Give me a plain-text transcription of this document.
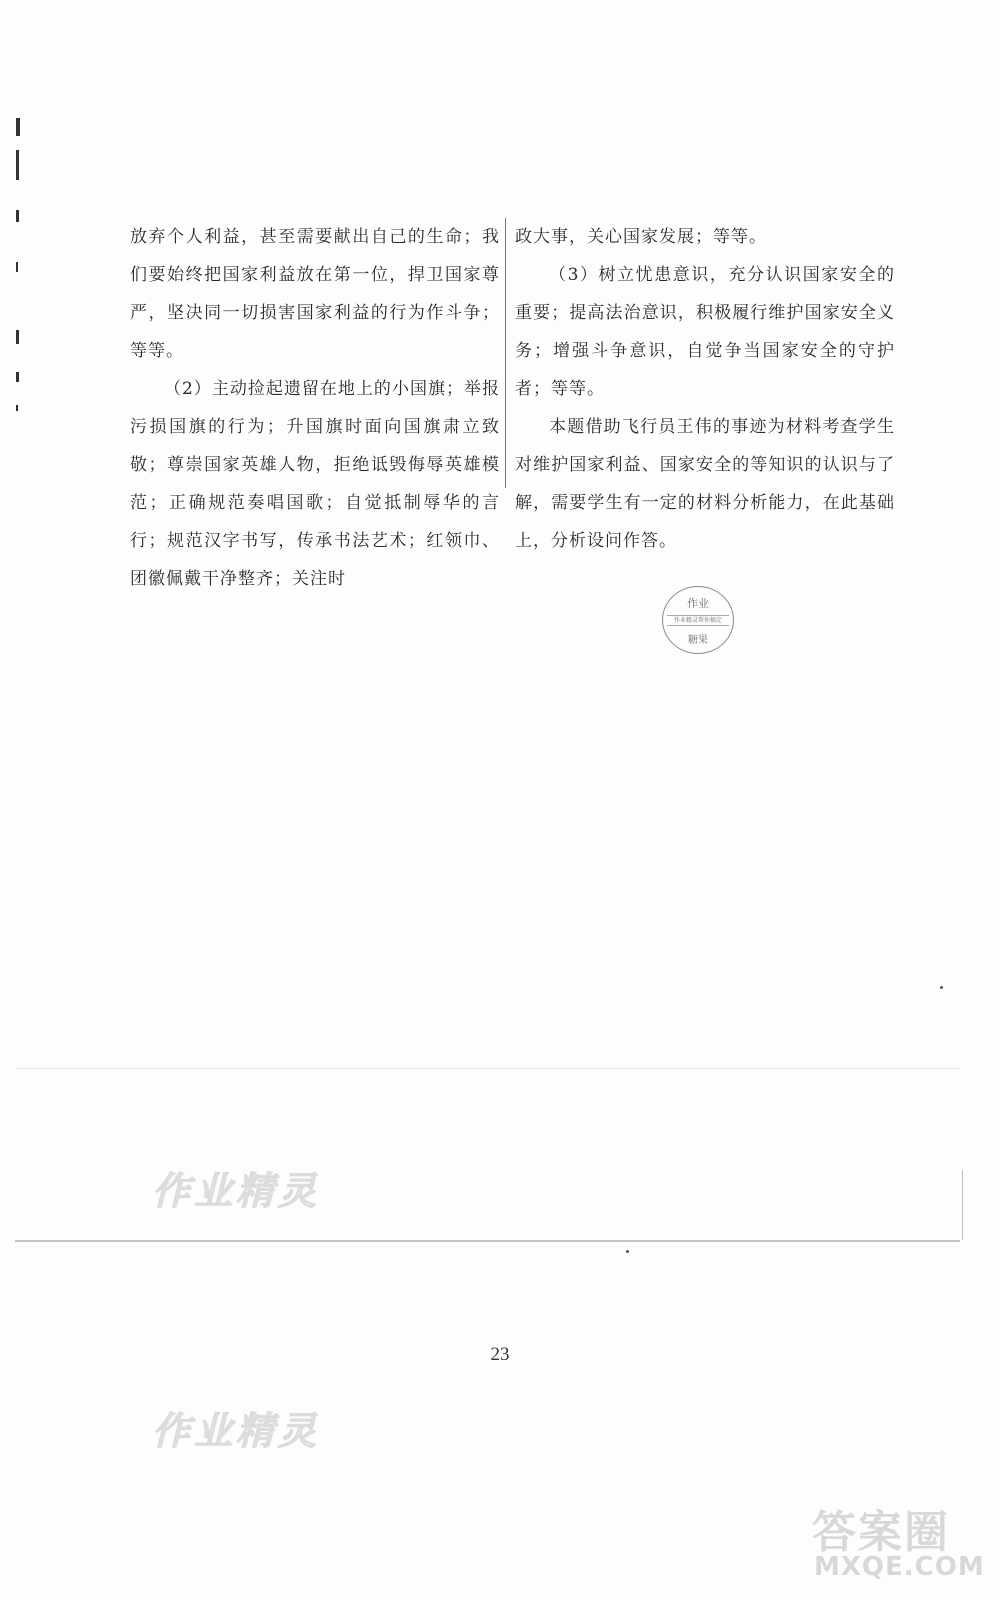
放弃个人利益，甚至需要献出自己的生命；我们要始终把国家利益放在第一位，捍卫国家尊严，坚决同一切损害国家利益的行为作斗争；等等。

（2）主动捡起遗留在地上的小国旗；举报污损国旗的行为；升国旗时面向国旗肃立致敬；尊崇国家英雄人物，拒绝诋毁侮辱英雄模范；正确规范奏唱国歌；自觉抵制辱华的言行；规范汉字书写，传承书法艺术；红领巾、团徽佩戴干净整齐；关注时

政大事，关心国家发展；等等。

（3）树立忧患意识，充分认识国家安全的重要；提高法治意识，积极履行维护国家安全义务；增强斗争意识，自觉争当国家安全的守护者；等等。

本题借助飞行员王伟的事迹为材料考查学生对维护国家利益、国家安全的等知识的认识与了解，需要学生有一定的材料分析能力，在此基础上，分析设问作答。

作业
作业精灵帮你搞定
糖果
作业精灵
作业精灵
23
答案圈
MXQE.COM
